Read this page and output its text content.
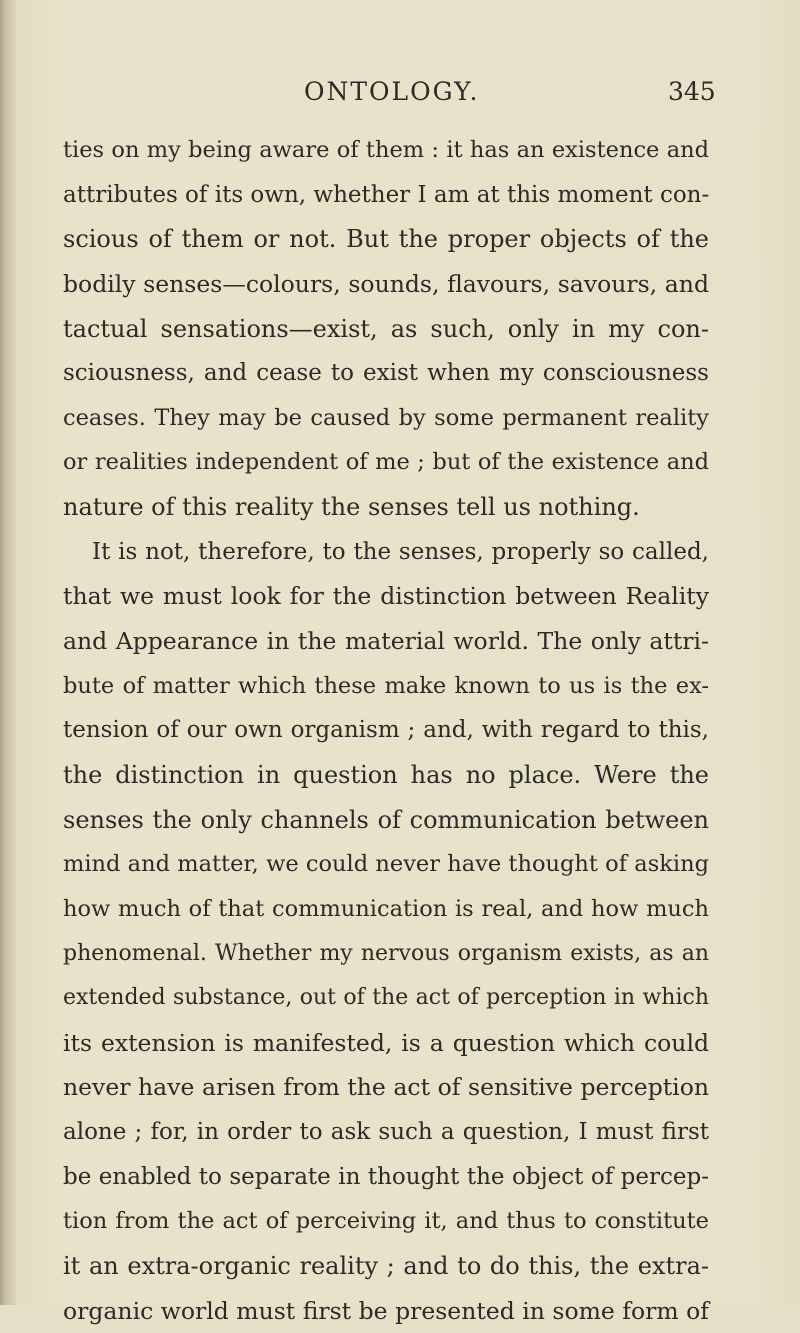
ONTOLOGY.	345
ties on my being aware of them : it has an existence and
attributes of its own, whether I am at this moment con-
scious of them or not. But the proper objects of the
bodily senses—colours, sounds, flavours, savours, and
tactual sensations—exist, as such, only in my con-
sciousness, and cease to exist when my consciousness
ceases. They may be caused by some permanent reality
or realities independent of me ; but of the existence and
nature of this reality the senses tell us nothing.
It is not, therefore, to the senses, properly so called,
that we must look for the distinction between Reality
and Appearance in the material world. The only attri-
bute of matter which these make known to us is the ex-
tension of our own organism ; and, with regard to this,
the distinction in question has no place. Were the
senses the only channels of communication between
mind and matter, we could never have thought of asking
how much of that communication is real, and how much
phenomenal. Whether my nervous organism exists, as an
extended substance, out of the act of perception in which
its extension is manifested, is a question which could
never have arisen from the act of sensitive perception
alone ; for, in order to ask such a question, I must first
be enabled to separate in thought the object of percep-
tion from the act of perceiving it, and thus to constitute
it an extra-organic reality ; and to do this, the extra-
organic world must first be presented in some form of
